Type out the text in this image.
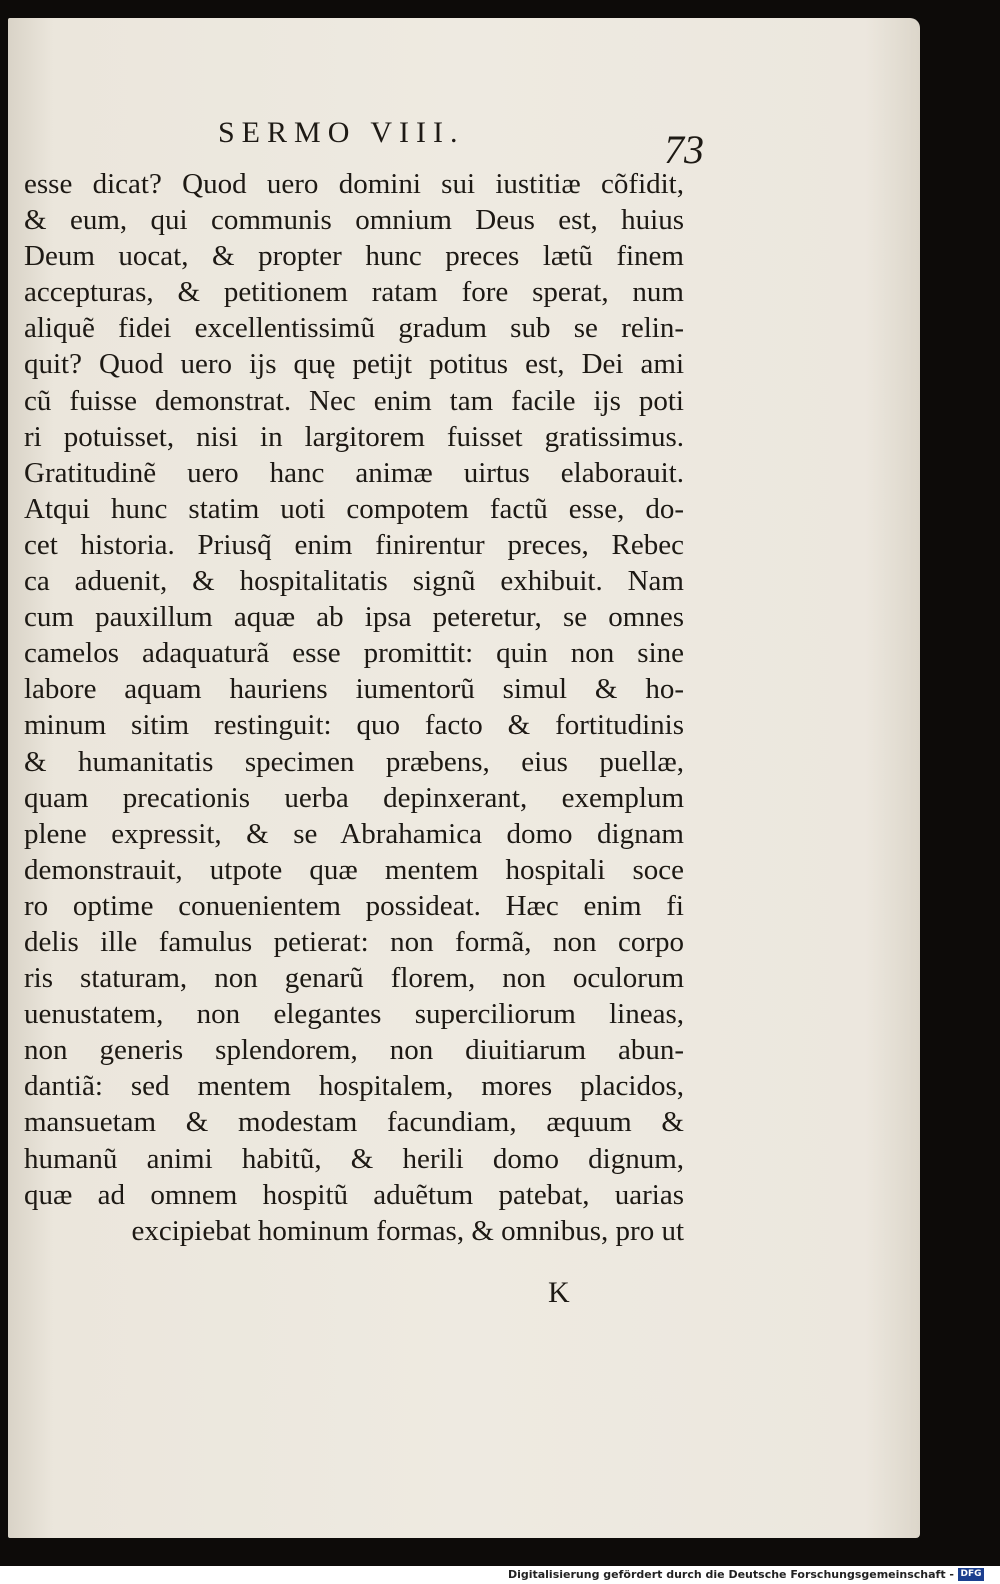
SERMO VIII.	73
esse dicat? Quod uero domini sui iustitiæ cõfidit,
& eum, qui communis omnium Deus est, huius
Deum uocat, & propter hunc preces lætũ finem
accepturas, & petitionem ratam fore sperat, num
aliquẽ fidei excellentissimũ gradum sub se relin-
quit? Quod uero ijs quę petijt potitus est, Dei ami
cũ fuisse demonstrat. Nec enim tam facile ijs poti
ri potuisset, nisi in largitorem fuisset gratissimus.
Gratitudinẽ uero hanc animæ uirtus elaborauit.
Atqui hunc statim uoti compotem factũ esse, do-
cet historia. Priusq̃ enim finirentur preces, Rebec
ca aduenit, & hospitalitatis signũ exhibuit. Nam
cum pauxillum aquæ ab ipsa peteretur, se omnes
camelos adaquaturã esse promittit: quin non sine
labore aquam hauriens iumentorũ simul & ho-
minum sitim restinguit: quo facto & fortitudinis
& humanitatis specimen præbens, eius puellæ,
quam precationis uerba depinxerant, exemplum
plene expressit, & se Abrahamica domo dignam
demonstrauit, utpote quæ mentem hospitali soce
ro optime conuenientem possideat. Hæc enim fi
delis ille famulus petierat: non formã, non corpo
ris staturam, non genarũ florem, non oculorum
uenustatem, non elegantes superciliorum lineas,
non generis splendorem, non diuitiarum abun-
dantiã: sed mentem hospitalem, mores placidos,
mansuetam & modestam facundiam, æquum &
humanũ animi habitũ, & herili domo dignum,
quæ ad omnem hospitũ aduẽtum patebat, uarias
excipiebat hominum formas, & omnibus, pro ut
K
Digitalisierung gefördert durch die Deutsche Forschungsgemeinschaft - DFG
